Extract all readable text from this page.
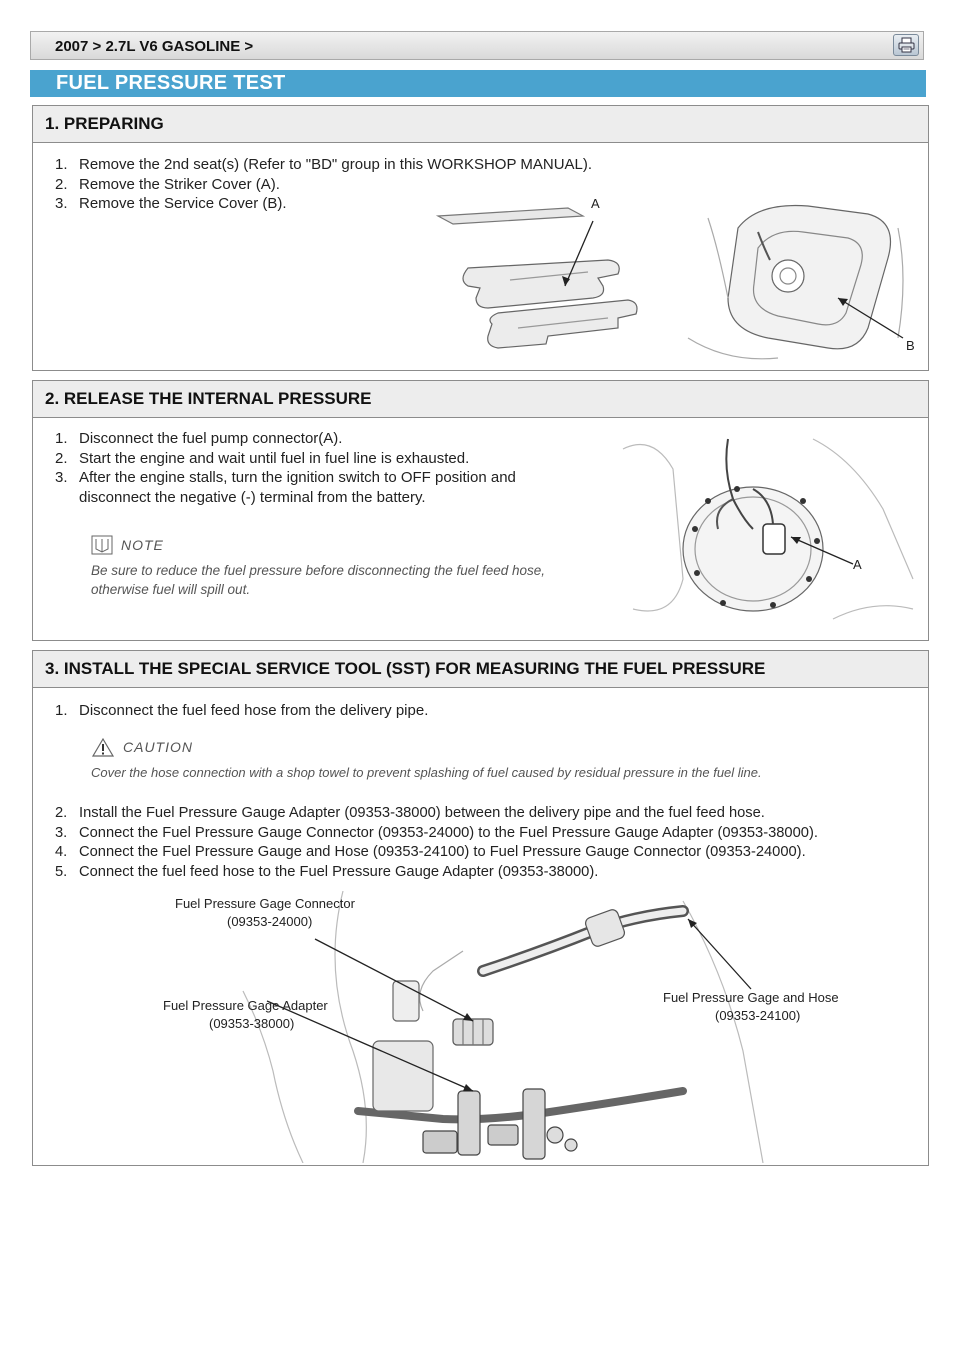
2007 > 2.7L V6 GASOLINE >
FUEL PRESSURE TEST
1. PREPARING
1. Remove the 2nd seat(s) (Refer to "BD" group in this WORKSHOP MANUAL).
2. Remove the Striker Cover (A).
3. Remove the Service Cover (B).	A
B
2. RELEASE THE INTERNAL PRESSURE
1. Disconnect the fuel pump connector(A).
2. Start the engine and wait until fuel in fuel line is exhausted.
3. After the engine stalls, turn the ignition switch to OFF position and disconnect the negative (-) terminal from the battery.
NOTE
Be sure to reduce the fuel pressure before disconnecting the fuel feed hose, otherwise fuel will spill out.
A
3. INSTALL THE SPECIAL SERVICE TOOL (SST) FOR MEASURING THE FUEL PRESSURE
1. Disconnect the fuel feed hose from the delivery pipe.
CAUTION
Cover the hose connection with a shop towel to prevent splashing of fuel caused by residual pressure in the fuel line.
2. Install the Fuel Pressure Gauge Adapter (09353-38000) between the delivery pipe and the fuel feed hose.
3. Connect the Fuel Pressure Gauge Connector (09353-24000) to the Fuel Pressure Gauge Adapter (09353-38000).
4. Connect the Fuel Pressure Gauge and Hose (09353-24100) to Fuel Pressure Gauge Connector (09353-24000).
5. Connect the fuel feed hose to the Fuel Pressure Gauge Adapter (09353-38000).
Fuel Pressure Gage Connector
(09353-24000)
Fuel Pressure Gage Adapter
(09353-38000)
Fuel Pressure Gage and Hose
(09353-24100)
